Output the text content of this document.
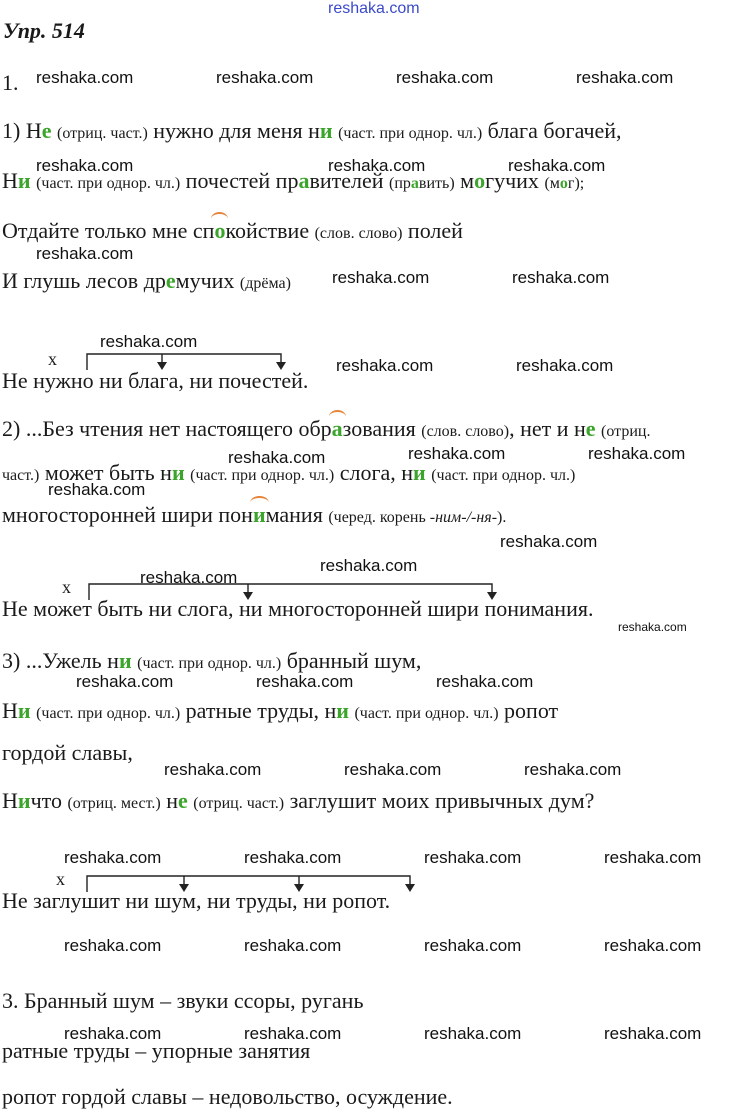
reshaka.com
Упр. 514
1.
1) Не (отриц. част.) нужно для меня ни (част. при однор. чл.) блага богачей,
Ни (част. при однор. чл.) почестей правителей (править) могучих (мог);
Отдайте только мне спокойствие (слов. слово) полей
И глушь лесов дремучих (дрёма)
x
Не нужно ни блага, ни почестей.
2) ...Без чтения нет настоящего образования (слов. слово), нет и не (отриц.
част.) может быть ни (част. при однор. чл.) слога, ни (част. при однор. чл.)
многосторонней шири понимания (черед. корень -ним-/-ня-).
x
Не может быть ни слога, ни многосторонней шири понимания.
3) ...Ужель ни (част. при однор. чл.) бранный шум,
Ни (част. при однор. чл.) ратные труды, ни (част. при однор. чл.) ропот
гордой славы,
Ничто (отриц. мест.) не (отриц. част.) заглушит моих привычных дум?
x
Не заглушит ни шум, ни труды, ни ропот.
3. Бранный шум – звуки ссоры, ругань
ратные труды – упорные занятия
ропот гордой славы – недовольство, осуждение.
reshaka.com	reshaka.com	reshaka.com	reshaka.com
reshaka.com	reshaka.com	reshaka.com
reshaka.com
reshaka.com	reshaka.com
reshaka.com
reshaka.com	reshaka.com
reshaka.com	reshaka.com	reshaka.com
reshaka.com
reshaka.com
reshaka.com
reshaka.com
reshaka.com
reshaka.com	reshaka.com	reshaka.com
reshaka.com	reshaka.com	reshaka.com
reshaka.com	reshaka.com	reshaka.com	reshaka.com
reshaka.com	reshaka.com	reshaka.com	reshaka.com
reshaka.com	reshaka.com	reshaka.com	reshaka.com
